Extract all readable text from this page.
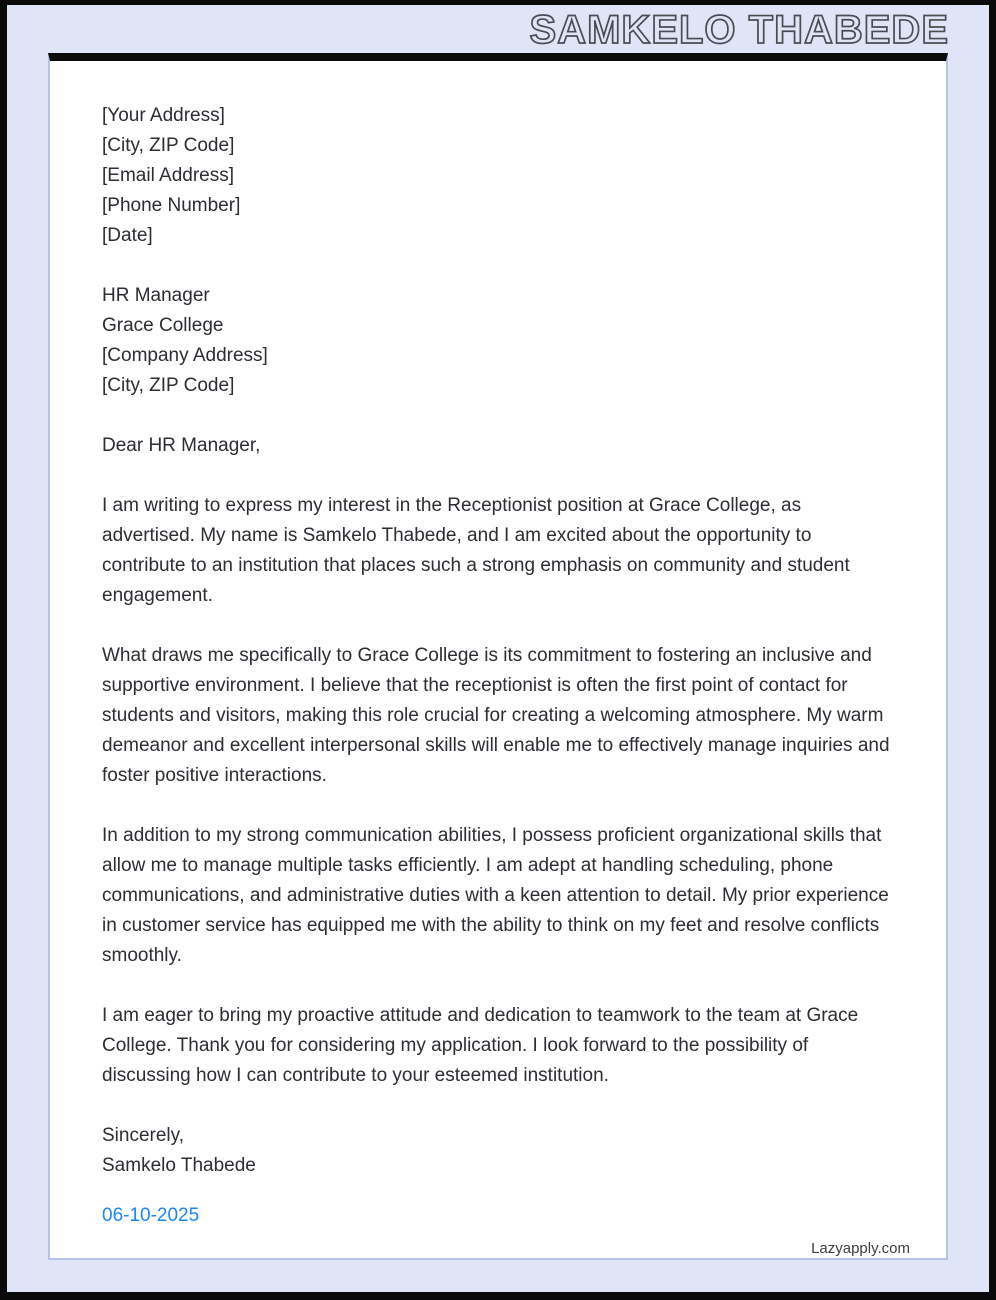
SAMKELO THABEDE
[Your Address]
[City, ZIP Code]
[Email Address]
[Phone Number]
[Date]
HR Manager
Grace College
[Company Address]
[City, ZIP Code]
Dear HR Manager,

I am writing to express my interest in the Receptionist position at Grace College, as advertised. My name is Samkelo Thabede, and I am excited about the opportunity to contribute to an institution that places such a strong emphasis on community and student engagement.

What draws me specifically to Grace College is its commitment to fostering an inclusive and supportive environment. I believe that the receptionist is often the first point of contact for students and visitors, making this role crucial for creating a welcoming atmosphere. My warm demeanor and excellent interpersonal skills will enable me to effectively manage inquiries and foster positive interactions.

In addition to my strong communication abilities, I possess proficient organizational skills that allow me to manage multiple tasks efficiently. I am adept at handling scheduling, phone communications, and administrative duties with a keen attention to detail. My prior experience in customer service has equipped me with the ability to think on my feet and resolve conflicts smoothly.

I am eager to bring my proactive attitude and dedication to teamwork to the team at Grace College. Thank you for considering my application. I look forward to the possibility of discussing how I can contribute to your esteemed institution.

Sincerely,
Samkelo Thabede
06-10-2025
Lazyapply.com
